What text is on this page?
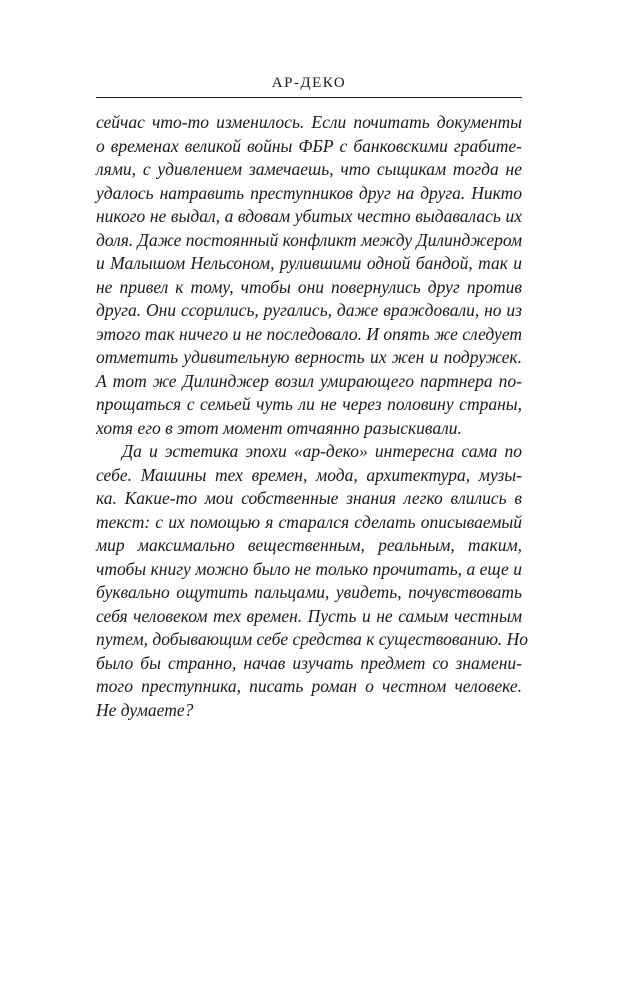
АР-ДЕКО
сейчас что-то изменилось. Если почитать документы
о временах великой войны ФБР с банковскими грабите-
лями, с удивлением замечаешь, что сыщикам тогда не
удалось натравить преступников друг на друга. Никто
никого не выдал, а вдовам убитых честно выдавалась их
доля. Даже постоянный конфликт между Дилинджером
и Малышом Нельсоном, рулившими одной бандой, так и
не привел к тому, чтобы они повернулись друг против
друга. Они ссорились, ругались, даже враждовали, но из
этого так ничего и не последовало. И опять же следует
отметить удивительную верность их жен и подружек.
А тот же Дилинджер возил умирающего партнера по-
прощаться с семьей чуть ли не через половину страны,
хотя его в этот момент отчаянно разыскивали.
Да и эстетика эпохи «ар-деко» интересна сама по
себе. Машины тех времен, мода, архитектура, музы-
ка. Какие-то мои собственные знания легко влились в
текст: с их помощью я старался сделать описываемый
мир максимально вещественным, реальным, таким,
чтобы книгу можно было не только прочитать, а еще и
буквально ощутить пальцами, увидеть, почувствовать
себя человеком тех времен. Пусть и не самым честным
путем, добывающим себе средства к существованию. Но
было бы странно, начав изучать предмет со знамени-
того преступника, писать роман о честном человеке.
Не думаете?
